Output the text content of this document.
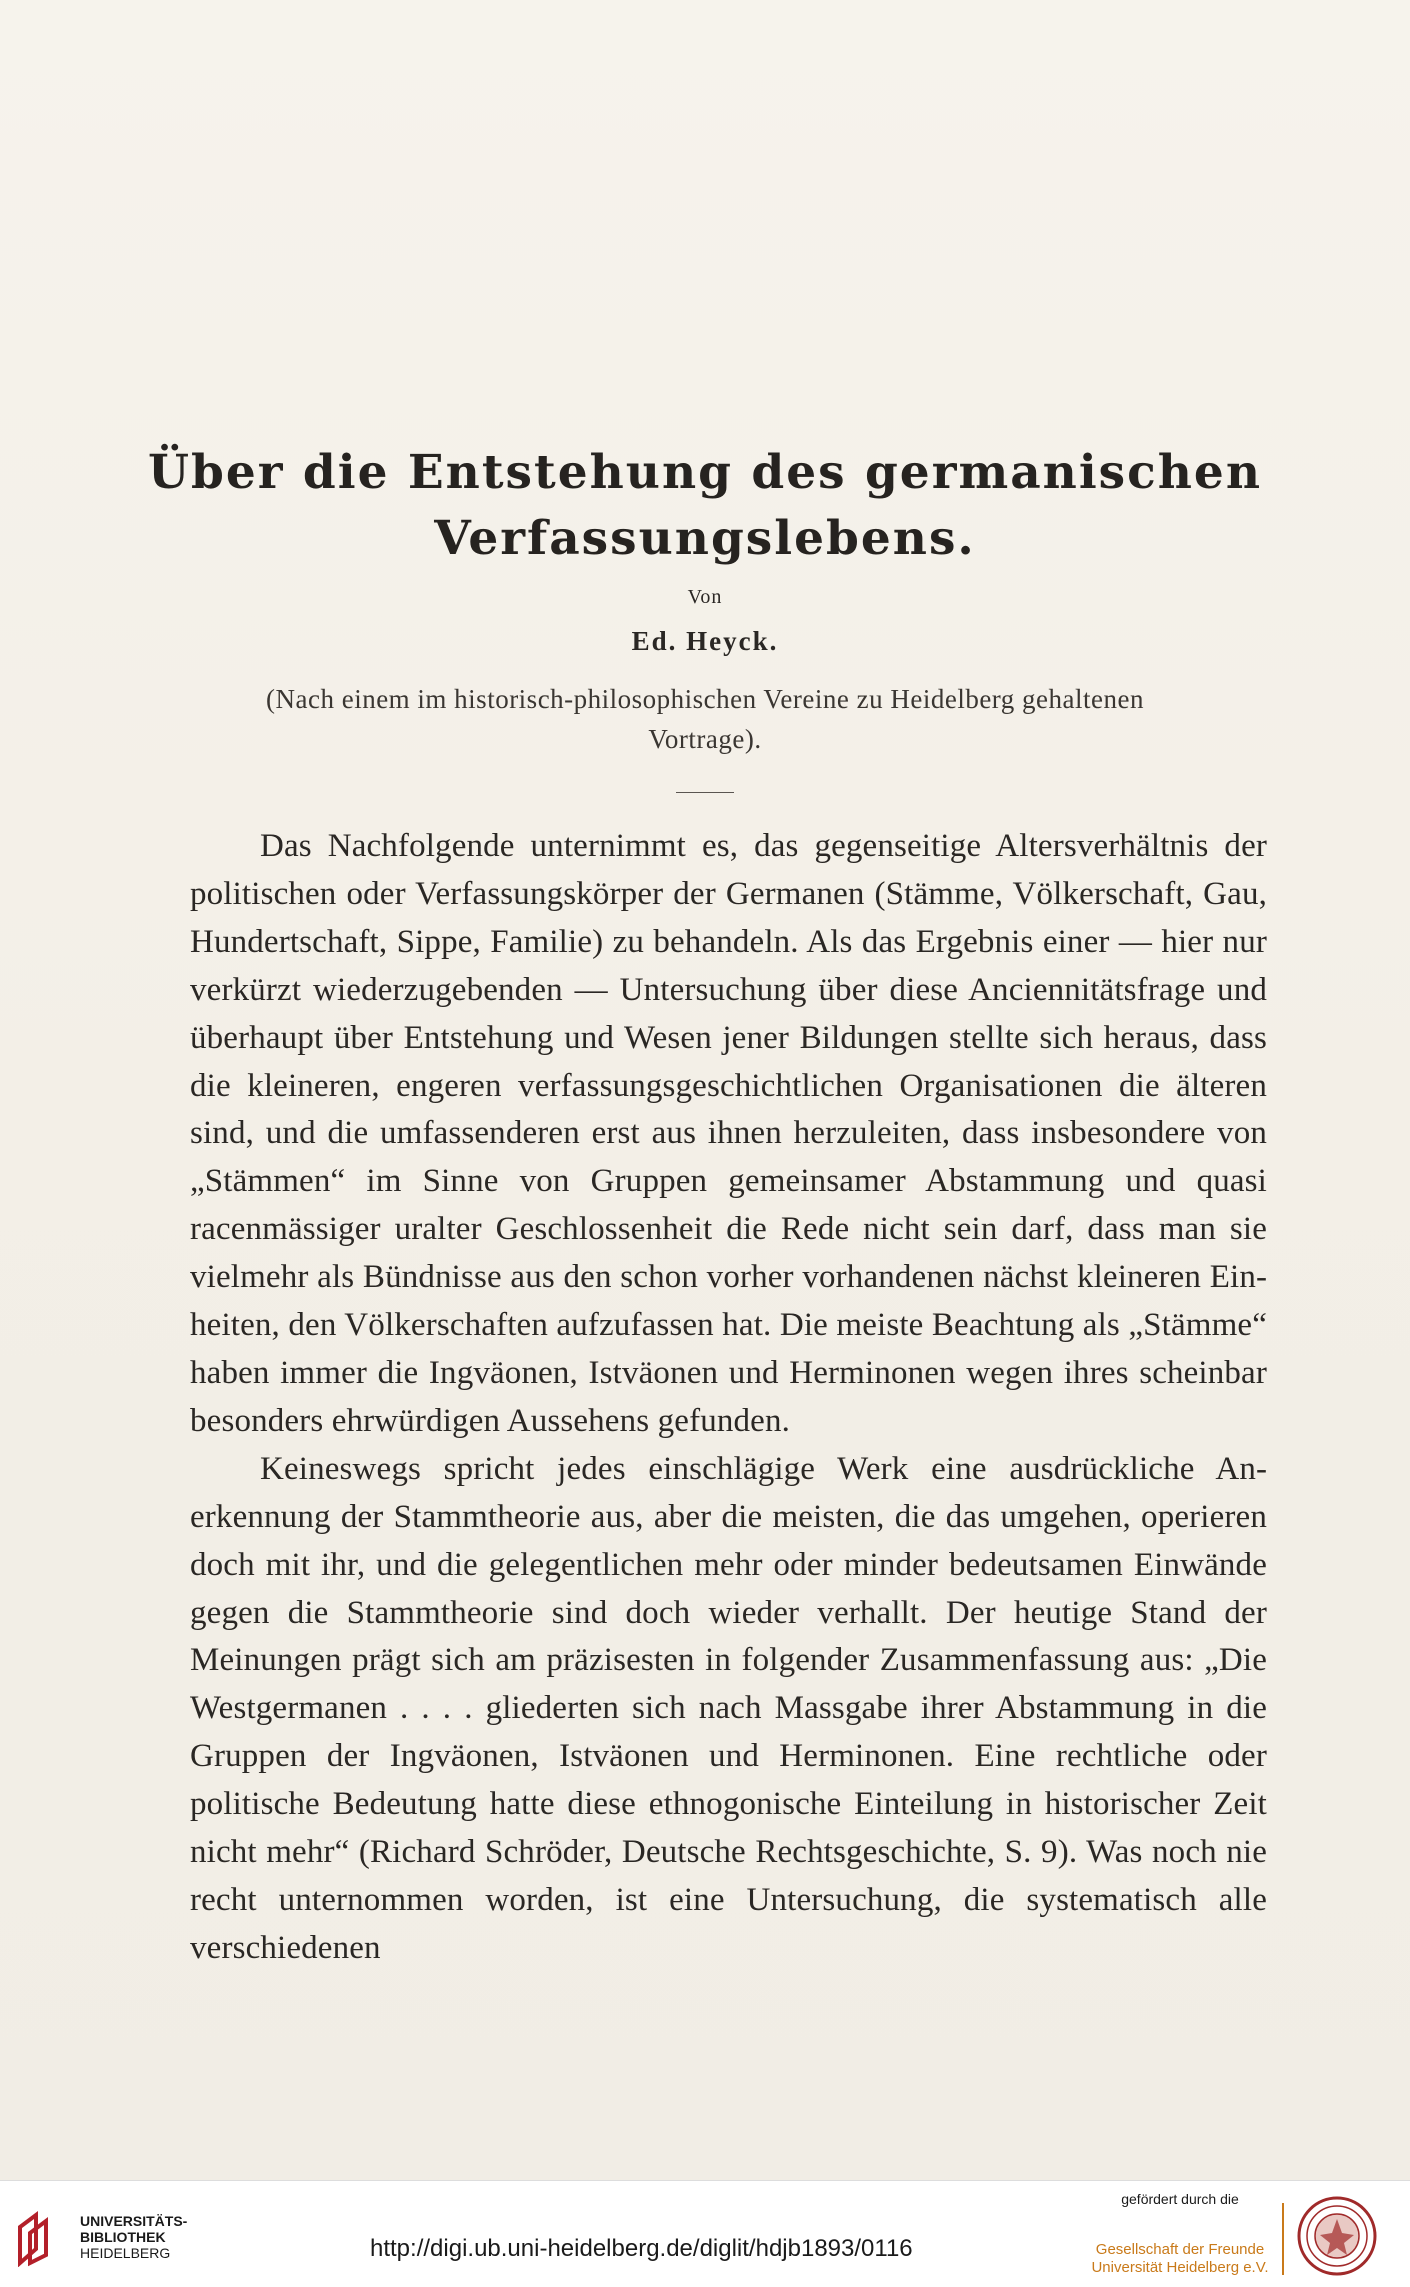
Über die Entstehung des germanischen
Verfassungslebens.
Von
Ed. Heyck.
(Nach einem im historisch-philosophischen Vereine zu Heidelberg gehaltenen
Vortrage).

Das Nachfolgende unternimmt es, das gegenseitige Altersverhältnis der politischen oder Verfassungskörper der Germanen (Stämme, Völkerschaft, Gau, Hundertschaft, Sippe, Familie) zu behandeln. Als das Ergebnis einer — hier nur verkürzt wiederzugebenden — Untersuchung über diese Anciennitätsfrage und überhaupt über Entstehung und Wesen jener Bildungen stellte sich heraus, dass die kleineren, engeren verfassungsgeschichtlichen Organisationen die älteren sind, und die umfassenderen erst aus ihnen herzuleiten, dass insbesondere von „Stämmen“ im Sinne von Gruppen gemeinsamer Abstammung und quasi racenmässiger uralter Geschlossenheit die Rede nicht sein darf, dass man sie vielmehr als Bündnisse aus den schon vorher vorhandenen nächst kleineren Einheiten, den Völkerschaften aufzufassen hat. Die meiste Beachtung als „Stämme“ haben immer die Ingväonen, Istväonen und Herminonen wegen ihres scheinbar besonders ehrwürdigen Aussehens gefunden.

Keineswegs spricht jedes einschlägige Werk eine ausdrückliche Anerkennung der Stammtheorie aus, aber die meisten, die das umgehen, operieren doch mit ihr, und die gelegentlichen mehr oder minder bedeutsamen Einwände gegen die Stammtheorie sind doch wieder verhallt. Der heutige Stand der Meinungen prägt sich am präzisesten in folgender Zusammenfassung aus: „Die Westgermanen . . . . gliederten sich nach Massgabe ihrer Abstammung in die Gruppen der Ingväonen, Istväonen und Herminonen. Eine rechtliche oder politische Bedeutung hatte diese ethnogonische Einteilung in historischer Zeit nicht mehr“ (Richard Schröder, Deutsche Rechtsgeschichte, S. 9). Was noch nie recht unternommen worden, ist eine Untersuchung, die systematisch alle verschiedenen

UNIVERSITÄTS-
BIBLIOTHEK
HEIDELBERG	http://digi.ub.uni-heidelberg.de/diglit/hdjb1893/0116
gefördert durch die
Gesellschaft der Freunde
Universität Heidelberg e.V.
